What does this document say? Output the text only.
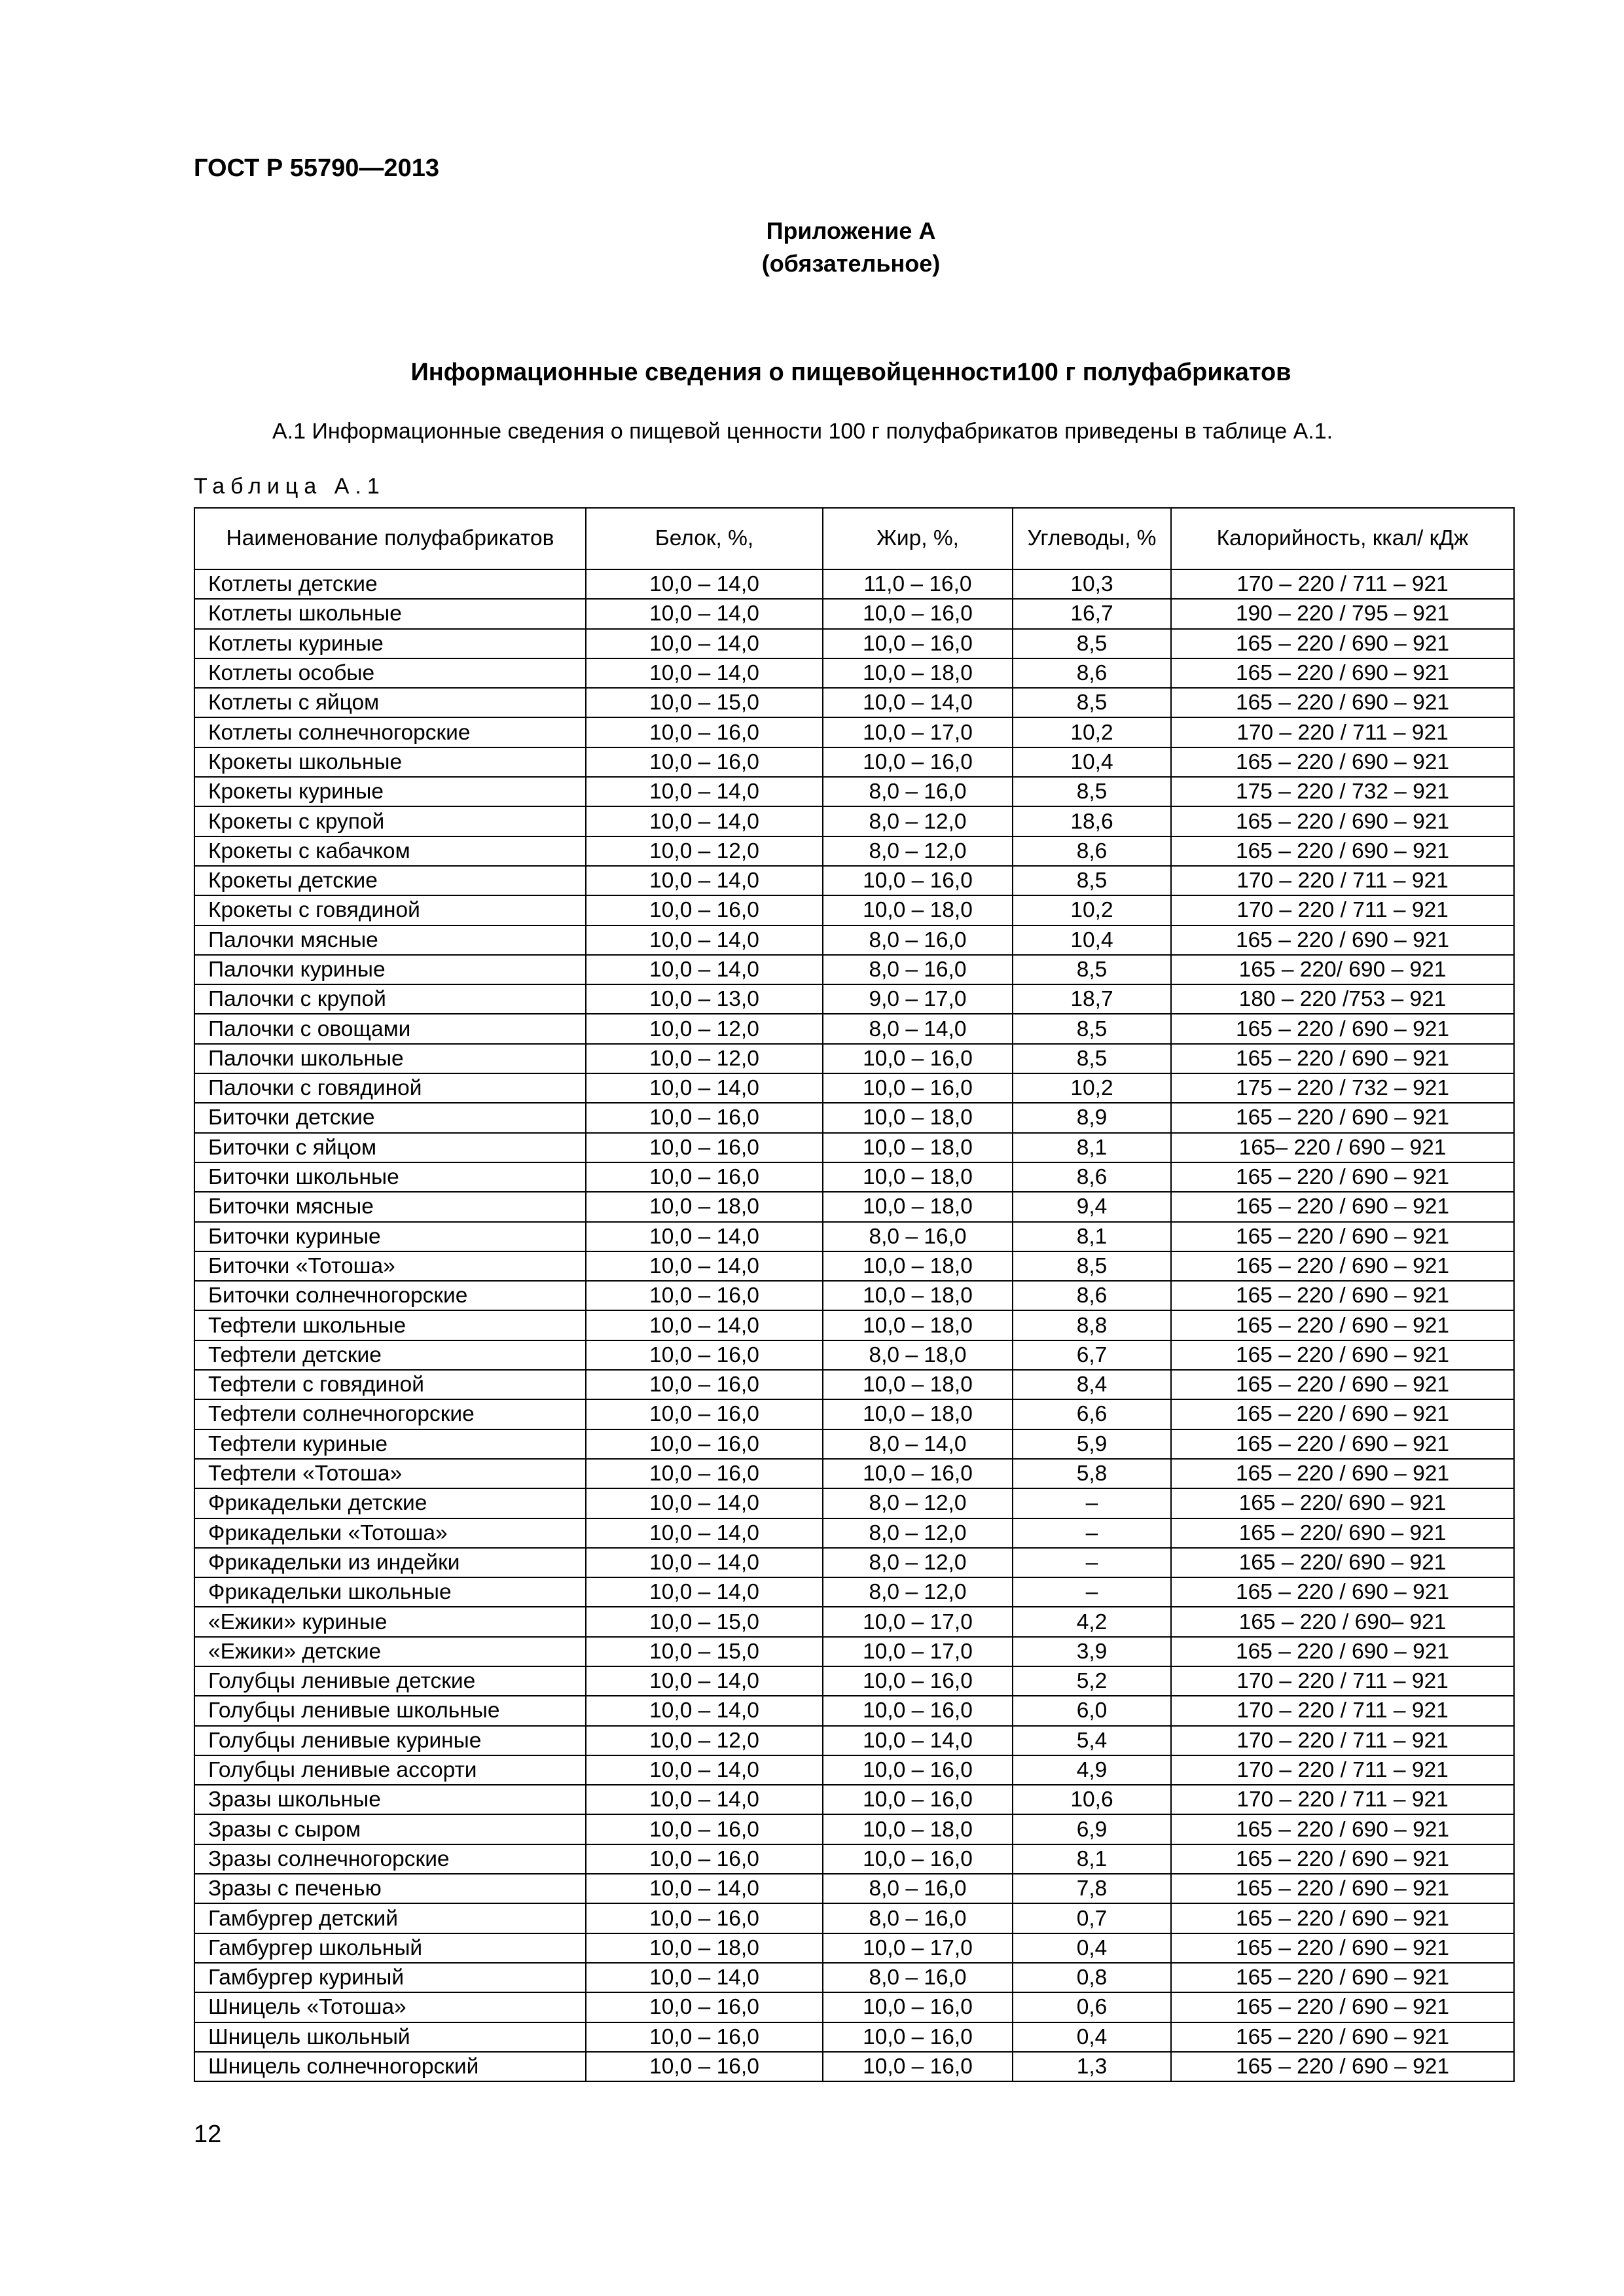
ГОСТ Р 55790—2013
Приложение А
(обязательное)
Информационные сведения о пищевойценности100 г полуфабрикатов
А.1 Информационные сведения о пищевой ценности 100 г полуфабрикатов приведены в таблице А.1.
Таблица А.1
Наименование полуфабрикатов	Белок, %,	Жир, %,	Углеводы, %	Калорийность, ккал/ кДж
Котлеты детские	10,0 – 14,0	11,0 – 16,0	10,3	170 – 220 / 711 – 921
Котлеты школьные	10,0 – 14,0	10,0 – 16,0	16,7	190 – 220 / 795 – 921
Котлеты куриные	10,0 – 14,0	10,0 – 16,0	8,5	165 – 220 / 690 – 921
Котлеты особые	10,0 – 14,0	10,0 – 18,0	8,6	165 – 220 / 690 – 921
Котлеты с яйцом	10,0 – 15,0	10,0 – 14,0	8,5	165 – 220 / 690 – 921
Котлеты солнечногорские	10,0 – 16,0	10,0 – 17,0	10,2	170 – 220 / 711 – 921
Крокеты школьные	10,0 – 16,0	10,0 – 16,0	10,4	165 – 220 / 690 – 921
Крокеты куриные	10,0 – 14,0	8,0 – 16,0	8,5	175 – 220 / 732 – 921
Крокеты с крупой	10,0 – 14,0	8,0 – 12,0	18,6	165 – 220 / 690 – 921
Крокеты с кабачком	10,0 – 12,0	8,0 – 12,0	8,6	165 – 220 / 690 – 921
Крокеты детские	10,0 – 14,0	10,0 – 16,0	8,5	170 – 220 / 711 – 921
Крокеты с говядиной	10,0 – 16,0	10,0 – 18,0	10,2	170 – 220 / 711 – 921
Палочки мясные	10,0 – 14,0	8,0 – 16,0	10,4	165 – 220 / 690 – 921
Палочки куриные	10,0 – 14,0	8,0 – 16,0	8,5	165 – 220/ 690 – 921
Палочки с крупой	10,0 – 13,0	9,0 – 17,0	18,7	180 – 220 /753 – 921
Палочки с овощами	10,0 – 12,0	8,0 – 14,0	8,5	165 – 220 / 690 – 921
Палочки школьные	10,0 – 12,0	10,0 – 16,0	8,5	165 – 220 / 690 – 921
Палочки с говядиной	10,0 – 14,0	10,0 – 16,0	10,2	175 – 220 / 732 – 921
Биточки детские	10,0 – 16,0	10,0 – 18,0	8,9	165 – 220 / 690 – 921
Биточки с яйцом	10,0 – 16,0	10,0 – 18,0	8,1	165– 220 / 690 – 921
Биточки школьные	10,0 – 16,0	10,0 – 18,0	8,6	165 – 220 / 690 – 921
Биточки мясные	10,0 – 18,0	10,0 – 18,0	9,4	165 – 220 / 690 – 921
Биточки куриные	10,0 – 14,0	8,0 – 16,0	8,1	165 – 220 / 690 – 921
Биточки «Тотоша»	10,0 – 14,0	10,0 – 18,0	8,5	165 – 220 / 690 – 921
Биточки солнечногорские	10,0 – 16,0	10,0 – 18,0	8,6	165 – 220 / 690 – 921
Тефтели школьные	10,0 – 14,0	10,0 – 18,0	8,8	165 – 220 / 690 – 921
Тефтели детские	10,0 – 16,0	8,0 – 18,0	6,7	165 – 220 / 690 – 921
Тефтели с говядиной	10,0 – 16,0	10,0 – 18,0	8,4	165 – 220 / 690 – 921
Тефтели солнечногорские	10,0 – 16,0	10,0 – 18,0	6,6	165 – 220 / 690 – 921
Тефтели куриные	10,0 – 16,0	8,0 – 14,0	5,9	165 – 220 / 690 – 921
Тефтели «Тотоша»	10,0 – 16,0	10,0 – 16,0	5,8	165 – 220 / 690 – 921
Фрикадельки детские	10,0 – 14,0	8,0 – 12,0	–	165 – 220/ 690 – 921
Фрикадельки «Тотоша»	10,0 – 14,0	8,0 – 12,0	–	165 – 220/ 690 – 921
Фрикадельки из индейки	10,0 – 14,0	8,0 – 12,0	–	165 – 220/ 690 – 921
Фрикадельки школьные	10,0 – 14,0	8,0 – 12,0	–	165 – 220 / 690 – 921
«Ежики» куриные	10,0 – 15,0	10,0 – 17,0	4,2	165 – 220 / 690– 921
«Ежики» детские	10,0 – 15,0	10,0 – 17,0	3,9	165 – 220 / 690 – 921
Голубцы ленивые детские	10,0 – 14,0	10,0 – 16,0	5,2	170 – 220 / 711 – 921
Голубцы ленивые школьные	10,0 – 14,0	10,0 – 16,0	6,0	170 – 220 / 711 – 921
Голубцы ленивые куриные	10,0 – 12,0	10,0 – 14,0	5,4	170 – 220 / 711 – 921
Голубцы ленивые ассорти	10,0 – 14,0	10,0 – 16,0	4,9	170 – 220 / 711 – 921
Зразы школьные	10,0 – 14,0	10,0 – 16,0	10,6	170 – 220 / 711 – 921
Зразы с сыром	10,0 – 16,0	10,0 – 18,0	6,9	165 – 220 / 690 – 921
Зразы солнечногорские	10,0 – 16,0	10,0 – 16,0	8,1	165 – 220 / 690 – 921
Зразы с печенью	10,0 – 14,0	8,0 – 16,0	7,8	165 – 220 / 690 – 921
Гамбургер детский	10,0 – 16,0	8,0 – 16,0	0,7	165 – 220 / 690 – 921
Гамбургер школьный	10,0 – 18,0	10,0 – 17,0	0,4	165 – 220 / 690 – 921
Гамбургер куриный	10,0 – 14,0	8,0 – 16,0	0,8	165 – 220 / 690 – 921
Шницель «Тотоша»	10,0 – 16,0	10,0 – 16,0	0,6	165 – 220 / 690 – 921
Шницель школьный	10,0 – 16,0	10,0 – 16,0	0,4	165 – 220 / 690 – 921
Шницель солнечногорский	10,0 – 16,0	10,0 – 16,0	1,3	165 – 220 / 690 – 921
12
